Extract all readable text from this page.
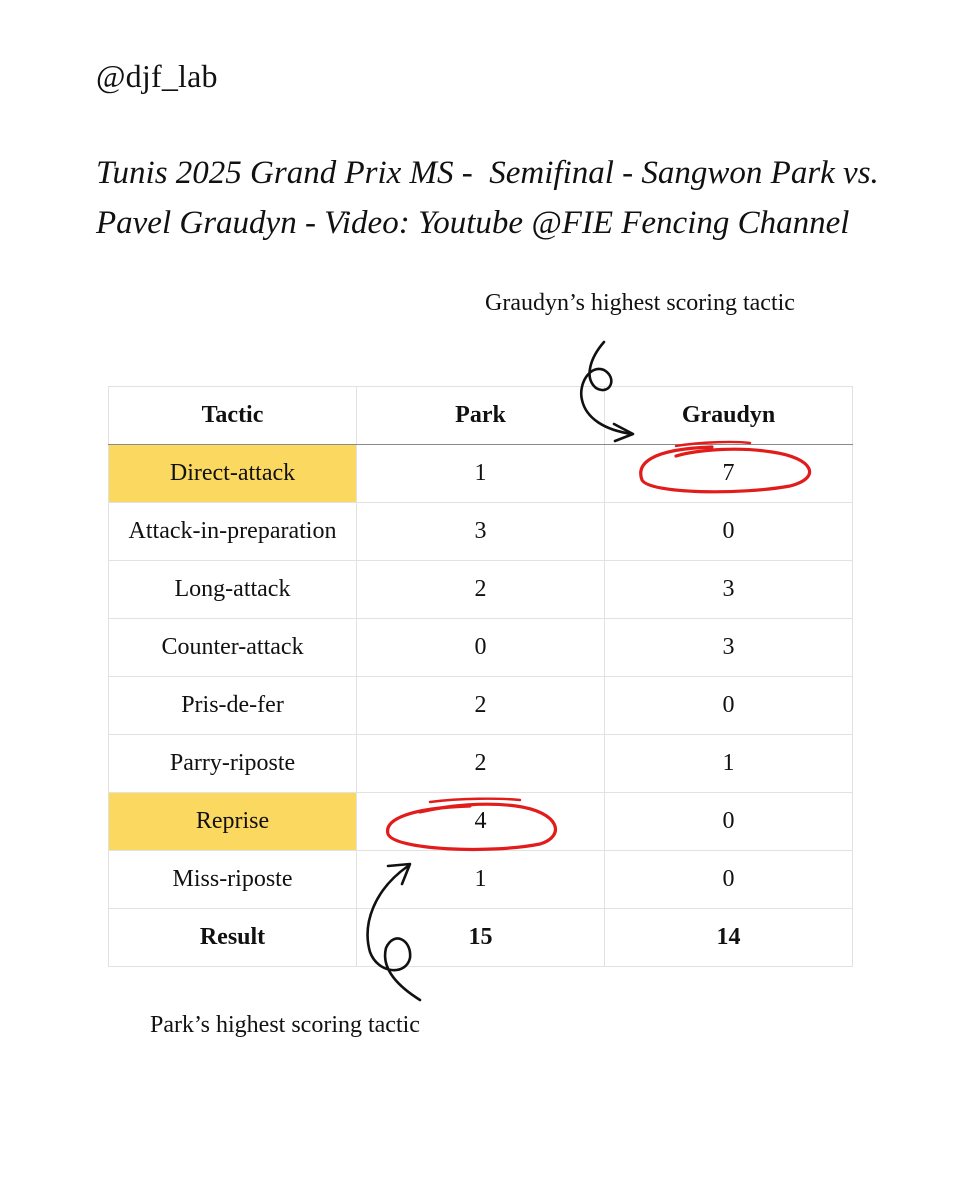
@djf_lab
Tunis 2025 Grand Prix MS -  Semifinal - Sangwon Park vs. Pavel Graudyn - Video: Youtube @FIE Fencing Channel
Graudyn’s highest scoring tactic
Tactic	Park	Graudyn
Direct-attack	1	7
Attack-in-preparation	3	0
Long-attack	2	3
Counter-attack	0	3
Pris-de-fer	2	0
Parry-riposte	2	1
Reprise	4	0
Miss-riposte	1	0
Result	15	14
Park’s highest scoring tactic
